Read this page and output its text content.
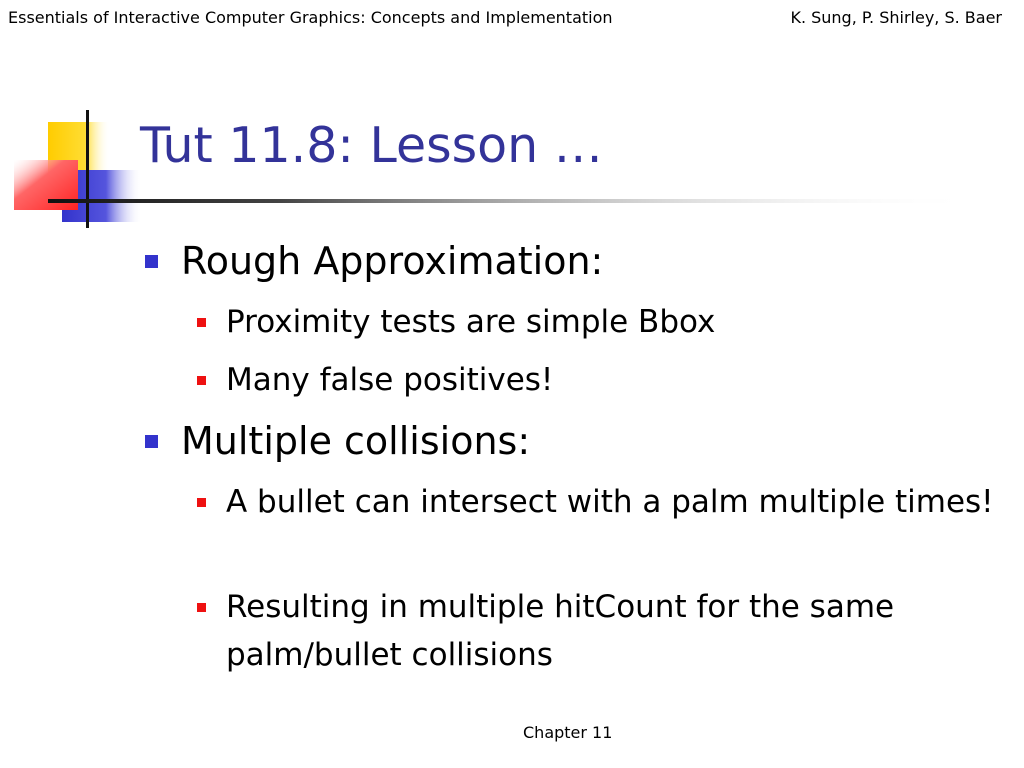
Essentials of Interactive Computer Graphics: Concepts and Implementation	K. Sung, P. Shirley, S. Baer
Tut 11.8: Lesson …
Rough Approximation:
Proximity tests are simple Bbox
Many false positives!
Multiple collisions:
A bullet can intersect with a palm multiple times!
Resulting in multiple hitCount for the same palm/bullet collisions
Chapter 11
